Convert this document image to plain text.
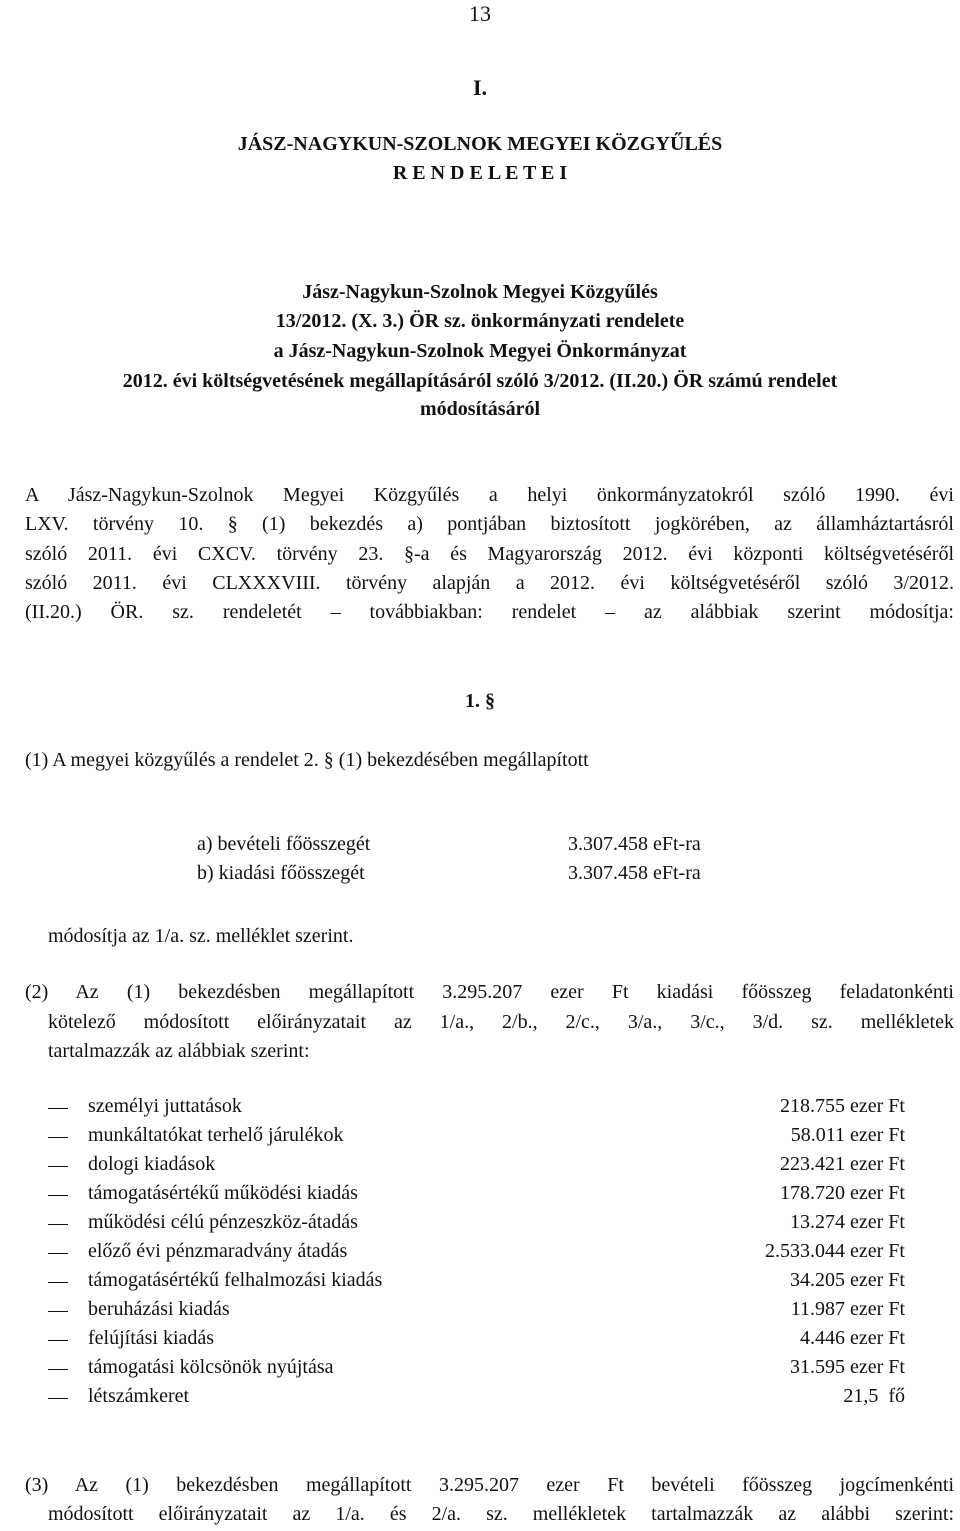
13
I.
JÁSZ-NAGYKUN-SZOLNOK MEGYEI KÖZGYŰLÉS
R E N D E L E T E I
Jász-Nagykun-Szolnok Megyei Közgyűlés
13/2012. (X. 3.) ÖR sz. önkormányzati rendelete
a Jász-Nagykun-Szolnok Megyei Önkormányzat
2012. évi költségvetésének megállapításáról szóló 3/2012. (II.20.) ÖR számú rendelet
módosításáról
A Jász-Nagykun-Szolnok Megyei Közgyűlés a helyi önkormányzatokról szóló 1990. évi
LXV. törvény 10. § (1) bekezdés a) pontjában biztosított jogkörében, az államháztartásról
szóló 2011. évi CXCV. törvény 23. §-a és Magyarország 2012. évi központi költségvetéséről
szóló 2011. évi CLXXXVIII. törvény alapján a 2012. évi költségvetéséről szóló 3/2012.
(II.20.) ÖR. sz. rendeletét – továbbiakban: rendelet – az alábbiak szerint módosítja:
1. §
(1) A megyei közgyűlés a rendelet 2. § (1) bekezdésében megállapított
a) bevételi főösszegét	3.307.458 eFt-ra
b) kiadási főösszegét	3.307.458 eFt-ra
módosítja az 1/a. sz. melléklet szerint.
(2) Az (1) bekezdésben megállapított 3.295.207 ezer Ft kiadási főösszeg feladatonkénti
kötelező módosított előirányzatait az 1/a., 2/b., 2/c., 3/a., 3/c., 3/d. sz. mellékletek
tartalmazzák az alábbiak szerint:
személyi juttatások	218.755 ezer Ft
munkáltatókat terhelő járulékok	58.011 ezer Ft
dologi kiadások	223.421 ezer Ft
támogatásértékű működési kiadás	178.720 ezer Ft
működési célú pénzeszköz-átadás	13.274 ezer Ft
előző évi pénzmaradvány átadás	2.533.044 ezer Ft
támogatásértékű felhalmozási kiadás	34.205 ezer Ft
beruházási kiadás	11.987 ezer Ft
felújítási kiadás	4.446 ezer Ft
támogatási kölcsönök nyújtása	31.595 ezer Ft
létszámkeret	21,5  fő
(3) Az (1) bekezdésben megállapított 3.295.207 ezer Ft bevételi főösszeg jogcímenkénti
módosított előirányzatait az 1/a. és 2/a. sz. mellékletek tartalmazzák az alábbi szerint:
